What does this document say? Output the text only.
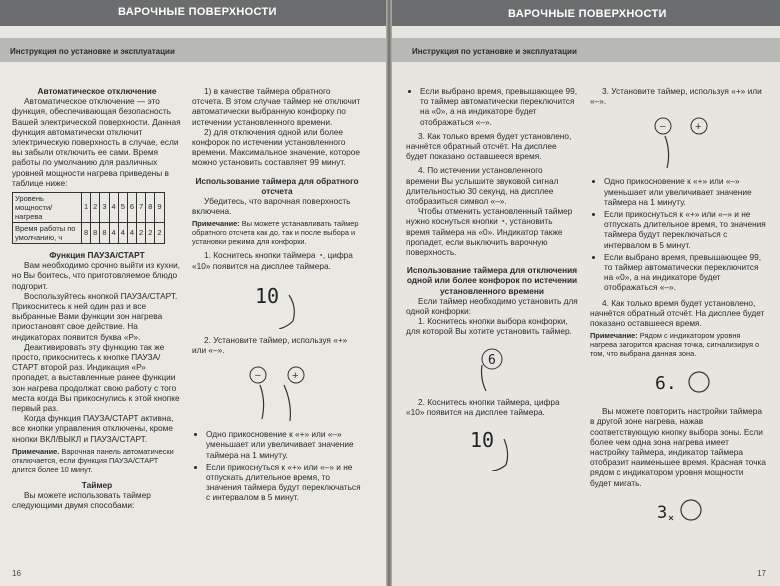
ВАРОЧНЫЕ ПОВЕРХНОСТИ
Инструкция по установке и эксплуатации

Автоматическое отключение

Автоматическое отключение — это функция, обеспечивающая безопасность Вашей электрической поверхности. Данная функция автоматически отключит электрическую поверхность в случае, если вы забыли отключить ее сами. Время работы по умолчанию для различных уровней мощности нагрева приведены в таблице ниже:

Уровень мощности/нагрева	1	2	3	4	5	6	7	8	9
Время работы по умолчанию, ч	8	8	8	4	4	4	2	2	2

Функция ПАУЗА/СТАРТ

Вам необходимо срочно выйти из кухни, но Вы боитесь, что приготовляемое блюдо подгорит.

Воспользуйтесь кнопкой ПАУЗА/СТАРТ. Прикоснитесь к ней один раз и все выбранные Вами функции зон нагрева приостановят свое действие. На индикаторах появится буква «Р».

Деактивировать эту функцию так же просто, прикоснитесь к кнопке ПАУЗА/СТАРТ второй раз. Индикация «Р» пропадет, а выставленные ранее функции зон нагрева продолжат свою работу с того места когда Вы прикоснулись к этой кнопке первый раз.

Когда функция ПАУЗА/СТАРТ активна, все кнопки управления отключены, кроме кнопки ВКЛ/ВЫКЛ и ПАУЗА/СТАРТ.

Примечание. Варочная панель автоматически отключается, если функция ПАУЗА/СТАРТ длится более 10 минут.

Таймер

Вы можете использовать таймер следующими двумя способами:

1) в качестве таймера обратного отсчета. В этом случае таймер не отключит автоматически выбранную конфорку по истечении установленного времени.

2) для отключения одной или более конфорок по истечении установленного времени. Максимальное значение, которое можно установить составляет 99 минут.

Использование таймера для обратного отсчета

Убедитесь, что варочная поверхность включена.

Примечание: Вы можете устанавливать таймер обратного отсчета как до, так и после выбора и установки режима для конфорки.

1. Коснитесь кнопки таймера ◔, цифра «10» появится на дисплее таймера.

10

2. Установите таймер, используя «+» или «–».

–	+
• Одно прикосновение к «+» или «–» уменьшает или увеличивает значение таймера на 1 минуту.
• Если прикоснуться к «+» или «–» и не отпускать длительное время, то значения таймера будут переключаться с интервалом в 5 минут.
16
ВАРОЧНЫЕ ПОВЕРХНОСТИ
Инструкция по установке и эксплуатации
• Если выбрано время, превышающее 99, то таймер автоматически переключится на «0», а на индикаторе будет отображаться «–».

3. Как только время будет установлено, начнётся обратный отсчёт. На дисплее будет показано оставшееся время.

4. По истечении установленного времени Вы услышите звуковой сигнал длительностью 30 секунд, на дисплее отобразиться символ «–».

Чтобы отменить установленный таймер нужно коснуться кнопки ◔, установить время таймера на «0». Индикатор также пропадет, если выключить варочную поверхность.

Использование таймера для отключения одной или более конфорок по истечении установленного времени

Если таймер необходимо установить для одной конфорки:

1. Коснитесь кнопки выбора конфорки, для которой Вы хотите установить таймер.

6

2. Коснитесь кнопки таймера, цифра «10» появится на дисплее таймера.

10

3. Установите таймер, используя «+» или «–».

–	+
• Одно прикосновение к «+» или «–» уменьшает или увеличивает значение таймера на 1 минуту.
• Если прикоснуться к «+» или «–» и не отпускать длительное время, то значения таймера будут переключаться с интервалом в 5 минут.
• Если выбрано время, превышающее 99, то таймер автоматически переключится на «0», а на индикаторе будет отображаться «–».

4. Как только время будет установлено, начнётся обратный отсчёт. На дисплее будет показано оставшееся время.

Примечание: Рядом с индикатором уровня нагрева загорится красная точка, сигнализируя о том, что выбрана данная зона.

6.

Вы можете повторить настройки таймера в другой зоне нагрева, нажав соответствующую кнопку выбора зоны. Если более чем одна зона нагрева имеет настройку таймера, индикатор таймера отобразит наименьшее время. Красная точка рядом с индикатором уровня мощности будет мигать.

3
17
